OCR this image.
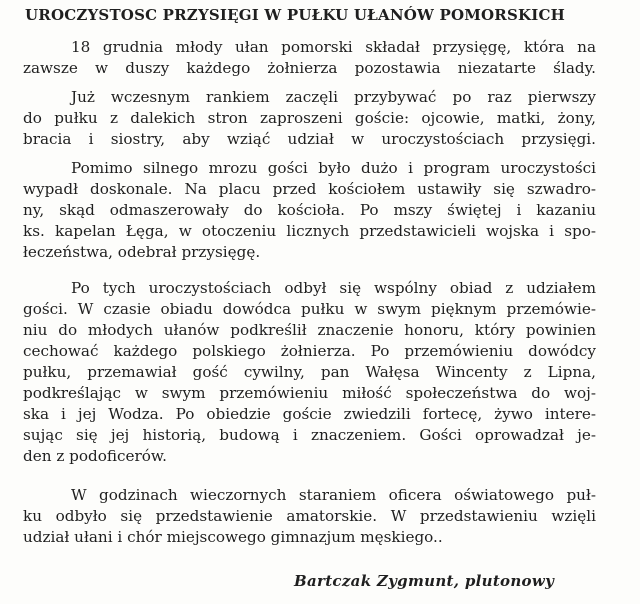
UROCZYSTOSC PRZYSIĘGI W PUŁKU UŁANÓW POMORSKICH
18 grudnia młody ułan pomorski składał przysięgę, która na
zawsze w duszy każdego żołnierza pozostawia niezatarte ślady.
Już wczesnym rankiem zaczęli przybywać po raz pierwszy
do pułku z dalekich stron zaproszeni goście: ojcowie, matki, żony,
bracia i siostry, aby wziąć udział w uroczystościach przysięgi.
Pomimo silnego mrozu gości było dużo i program uroczystości
wypadł doskonale. Na placu przed kościołem ustawiły się szwadro-
ny, skąd odmaszerowały do kościoła. Po mszy świętej i kazaniu
ks. kapelan Łęga, w otoczeniu licznych przedstawicieli wojska i spo-
łeczeństwa, odebrał przysięgę.
Po tych uroczystościach odbył się wspólny obiad z udziałem
gości. W czasie obiadu dowódca pułku w swym pięknym przemówie-
niu do młodych ułanów podkreślił znaczenie honoru, który powinien
cechować każdego polskiego żołnierza. Po przemówieniu dowódcy
pułku, przemawiał gość cywilny, pan Wałęsa Wincenty z Lipna,
podkreślając w swym przemówieniu miłość społeczeństwa do woj-
ska i jej Wodza. Po obiedzie goście zwiedzili fortecę, żywo intere-
sując się jej historią, budową i znaczeniem. Gości oprowadzał je-
den z podoficerów.
W godzinach wieczornych staraniem oficera oświatowego puł-
ku odbyło się przedstawienie amatorskie. W przedstawieniu wzięli
udział ułani i chór miejscowego gimnazjum męskiego..
Bartczak Zygmunt, plutonowy
